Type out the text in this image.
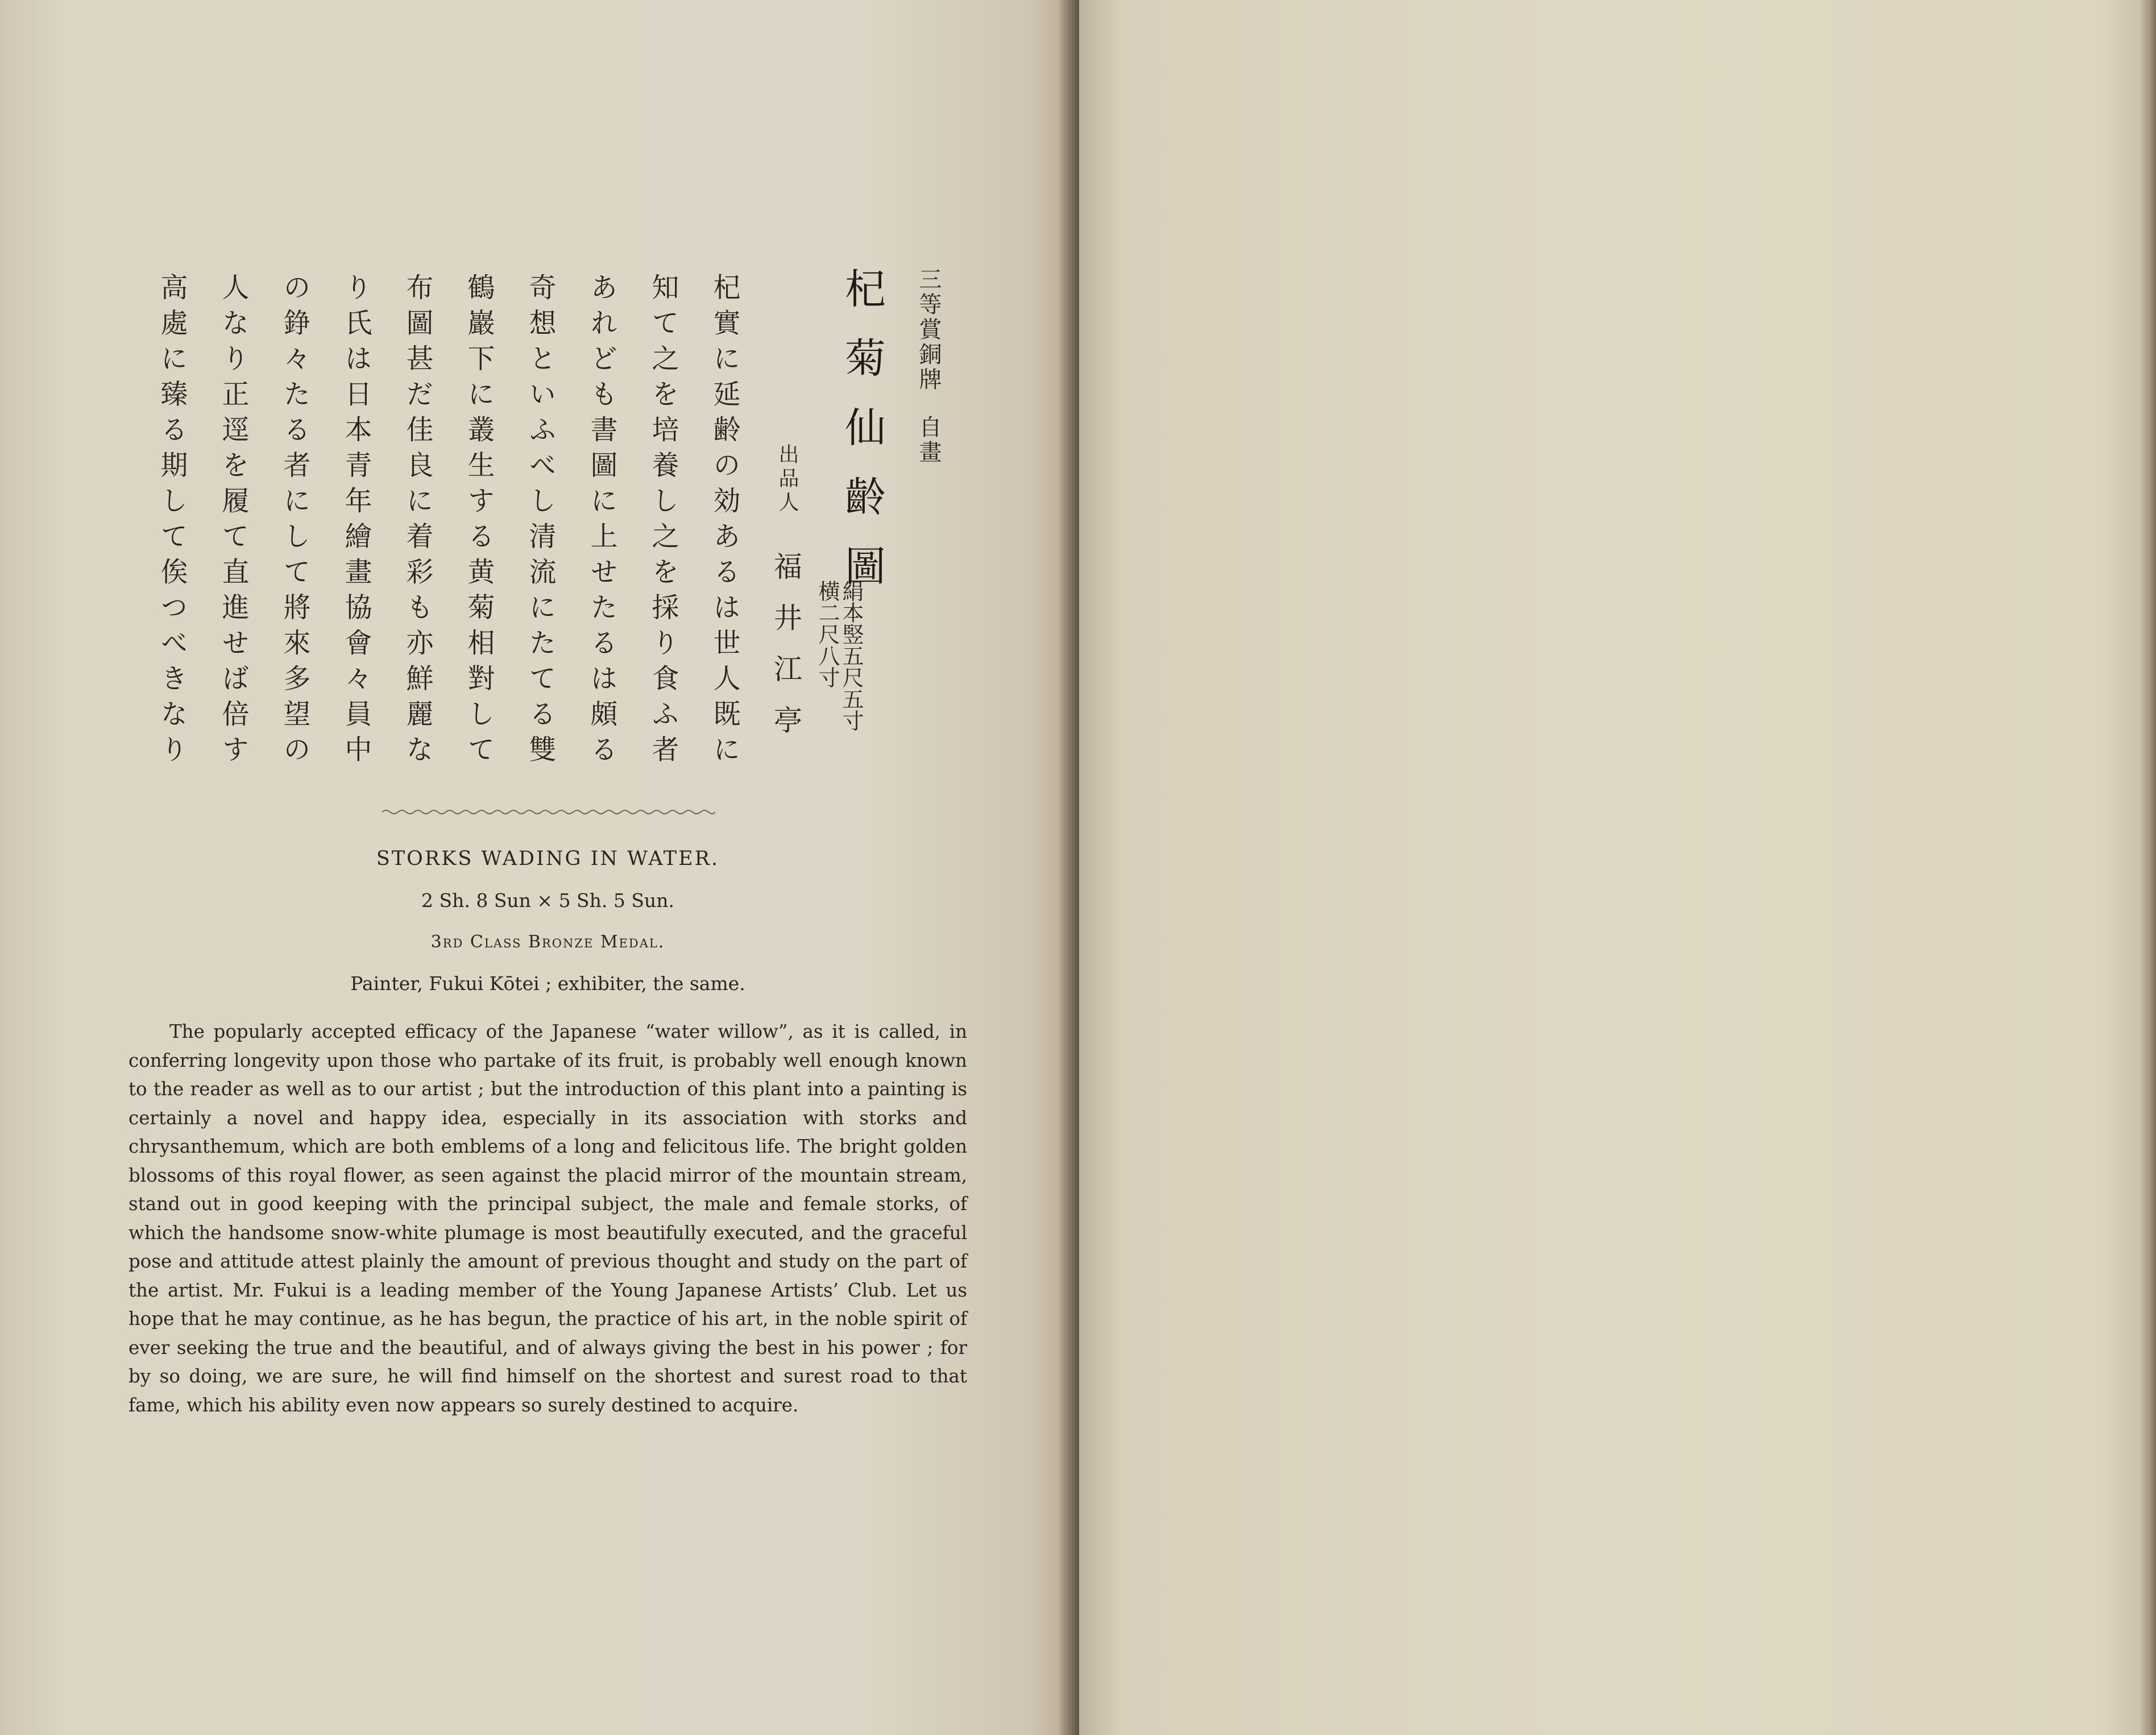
三等賞銅牌自畫
杞菊仙齡圖
絹本竪五尺五寸
横二尺八寸
出品人
福井江亭
杞實に延齢の効あるは世人既に
知て之を培養し之を採り食ふ者
あれども書圖に上せたるは頗る
奇想といふべし清流にたてる雙
鶴巖下に叢生する黄菊相對して
布圖甚だ佳良に着彩も亦鮮麗な
り氏は日本青年繪畫協會々員中
の錚々たる者にして將來多望の
人なり正逕を履て直進せば倍す
高處に臻る期して俟つべきなり

STORKS WADING IN WATER.

2 Sh. 8 Sun × 5 Sh. 5 Sun.

3rd Class Bronze Medal.

Painter, Fukui Kōtei ; exhibiter, the same.

The popularly accepted efficacy of the Japanese “water willow”, as it is called, in conferring longevity upon those who partake of its fruit, is probably well enough known to the reader as well as to our artist ; but the introduction of this plant into a painting is certainly a novel and happy idea, especially in its association with storks and chrysanthemum, which are both emblems of a long and felicitous life. The bright golden blossoms of this royal flower, as seen against the placid mirror of the mountain stream, stand out in good keeping with the principal subject, the male and female storks, of which the handsome snow-white plumage is most beautifully executed, and the graceful pose and attitude attest plainly the amount of previous thought and study on the part of the artist. Mr. Fukui is a leading member of the Young Japanese Artists’ Club. Let us hope that he may continue, as he has begun, the practice of his art, in the noble spirit of ever seeking the true and the beautiful, and of always giving the best in his power ; for by so doing, we are sure, he will find himself on the shortest and surest road to that fame, which his ability even now appears so surely destined to acquire.
